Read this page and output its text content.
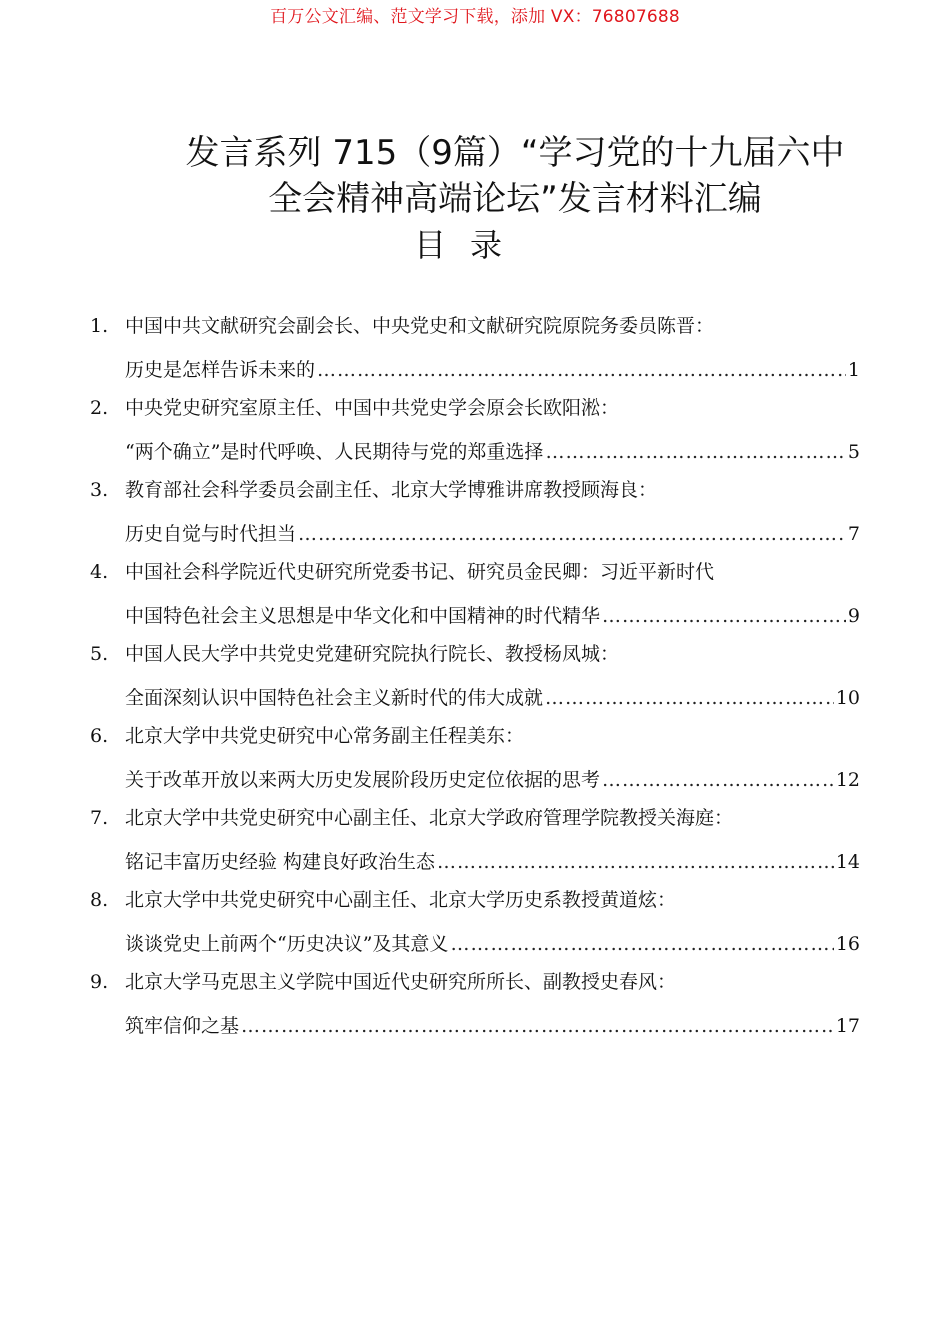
百万公文汇编、范文学习下载，添加 VX：76807688
发言系列 715（9篇）“学习党的十九届六中
全会精神高端论坛”发言材料汇编
目录
1. 中国中共文献研究会副会长、中央党史和文献研究院原院务委员陈晋：
历史是怎样告诉未来的 …………………………………………………………………………………………………………………………………………	1
2. 中央党史研究室原主任、中国中共党史学会原会长欧阳淞：
“两个确立”是时代呼唤、人民期待与党的郑重选择 …………………………………………………………………………………………………………………………………………	5
3. 教育部社会科学委员会副主任、北京大学博雅讲席教授顾海良：
历史自觉与时代担当 …………………………………………………………………………………………………………………………………………	7
4. 中国社会科学院近代史研究所党委书记、研究员金民卿：习近平新时代
中国特色社会主义思想是中华文化和中国精神的时代精华 …………………………………………………………………………………………………………………………………………	9
5. 中国人民大学中共党史党建研究院执行院长、教授杨凤城：
全面深刻认识中国特色社会主义新时代的伟大成就 …………………………………………………………………………………………………………………………………………	10
6. 北京大学中共党史研究中心常务副主任程美东：
关于改革开放以来两大历史发展阶段历史定位依据的思考 …………………………………………………………………………………………………………………………………………	12
7. 北京大学中共党史研究中心副主任、北京大学政府管理学院教授关海庭：
铭记丰富历史经验 构建良好政治生态 …………………………………………………………………………………………………………………………………………	14
8. 北京大学中共党史研究中心副主任、北京大学历史系教授黄道炫：
谈谈党史上前两个“历史决议”及其意义 …………………………………………………………………………………………………………………………………………	16
9. 北京大学马克思主义学院中国近代史研究所所长、副教授史春风：
筑牢信仰之基 …………………………………………………………………………………………………………………………………………	17
